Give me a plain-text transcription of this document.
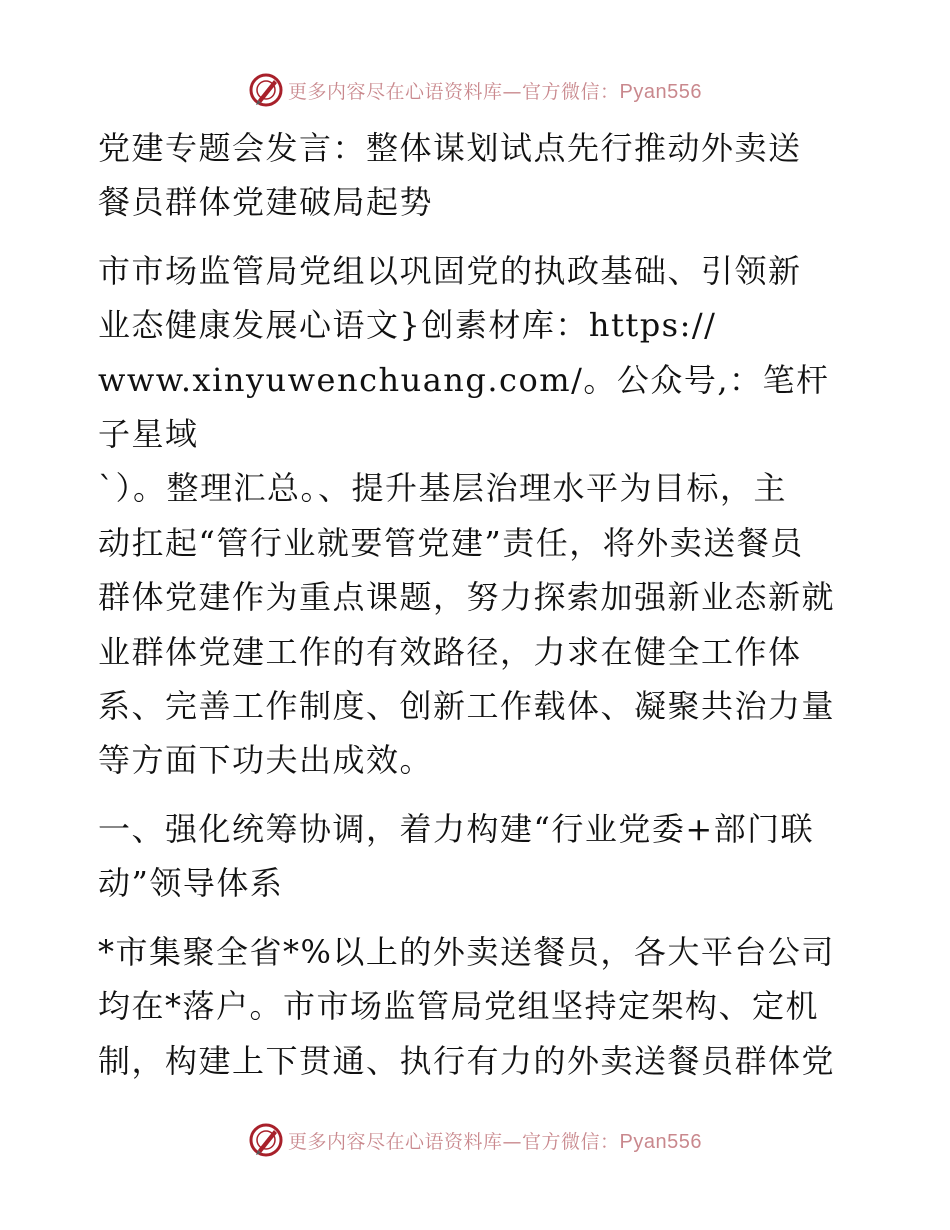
更多内容尽在心语资料库—官方微信：Pyan556
党建专题会发言：整体谋划试点先行推动外卖送
餐员群体党建破局起势
市市场监管局党组以巩固党的执政基础、引领新
业态健康发展心语文}创素材库：https://
www.xinyuwenchuang.com/。公众号,：笔杆子星域
`）。整理汇总。、提升基层治理水平为目标，主
动扛起“管行业就要管党建”责任，将外卖送餐员
群体党建作为重点课题，努力探索加强新业态新就
业群体党建工作的有效路径，力求在健全工作体
系、完善工作制度、创新工作载体、凝聚共治力量
等方面下功夫出成效。
一、强化统筹协调，着力构建“行业党委+部门联
动”领导体系
*市集聚全省*%以上的外卖送餐员，各大平台公司
均在*落户。市市场监管局党组坚持定架构、定机
制，构建上下贯通、执行有力的外卖送餐员群体党
更多内容尽在心语资料库—官方微信：Pyan556
